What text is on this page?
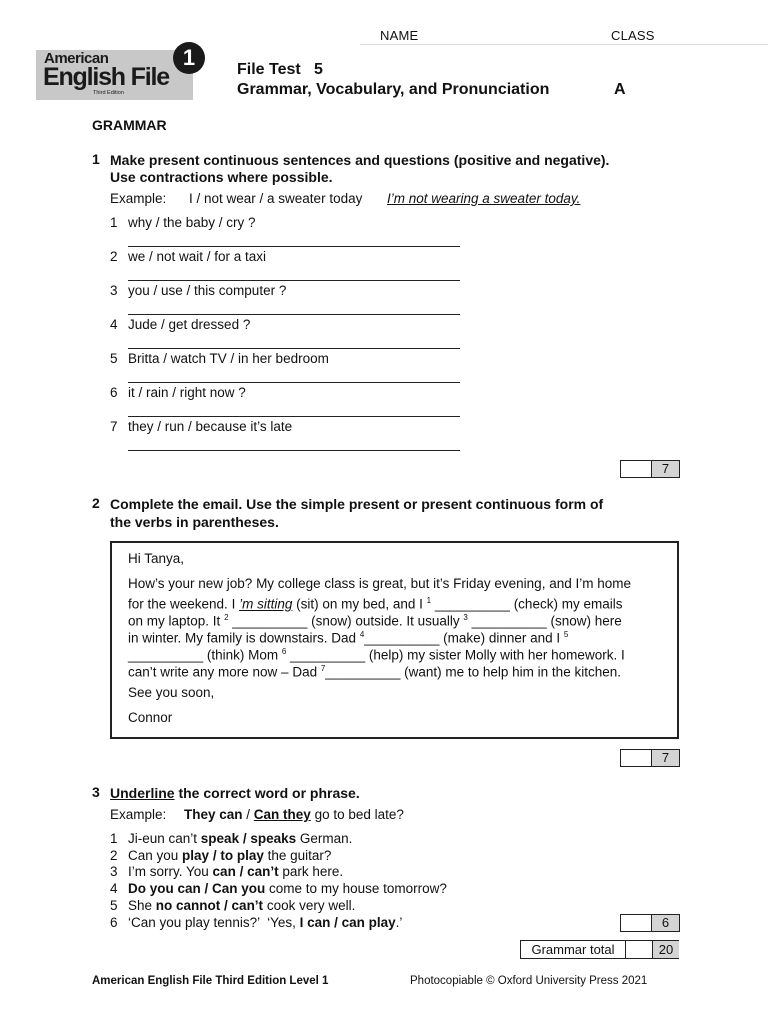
NAME	CLASS
American
English File
Third Edition
1	File Test   5
Grammar, Vocabulary, and Pronunciation	A
GRAMMAR
1 Make present continuous sentences and questions (positive and negative).
Use contractions where possible.
Example: I / not wear / a sweater today I’m not wearing a sweater today.
1 why / the baby / cry ?
2 we / not wait / for a taxi
3 you / use / this computer ?
4 Jude / get dressed ?
5 Britta / watch TV / in her bedroom
6 it / rain / right now ?
7 they / run / because it’s late
7
2 Complete the email. Use the simple present or present continuous form of
the verbs in parentheses.
Hi Tanya,
How’s your new job? My college class is great, but it’s Friday evening, and I’m home
for the weekend. I ’m sitting (sit) on my bed, and I $^1$ __________ (check) my emails
on my laptop. It $^2$ __________ (snow) outside. It usually $^3$ __________ (snow) here
in winter. My family is downstairs. Dad $^4$__________ (make) dinner and I $^5$
__________ (think) Mom $^6$ __________ (help) my sister Molly with her homework. I
can’t write any more now – Dad $^7$__________ (want) me to help him in the kitchen.
See you soon,
Connor
7
3 Underline the correct word or phrase.
Example: They can / Can they go to bed late?
1 Ji-eun can’t speak / speaks German.
2 Can you play / to play the guitar?
3 I’m sorry. You can / can’t park here.
4 Do you can / Can you come to my house tomorrow?
5 She no cannot / can’t cook very well.
6 ‘Can you play tennis?’  ‘Yes, I can / can play.’	6
Grammar total	20
American English File Third Edition Level 1	Photocopiable © Oxford University Press 2021
